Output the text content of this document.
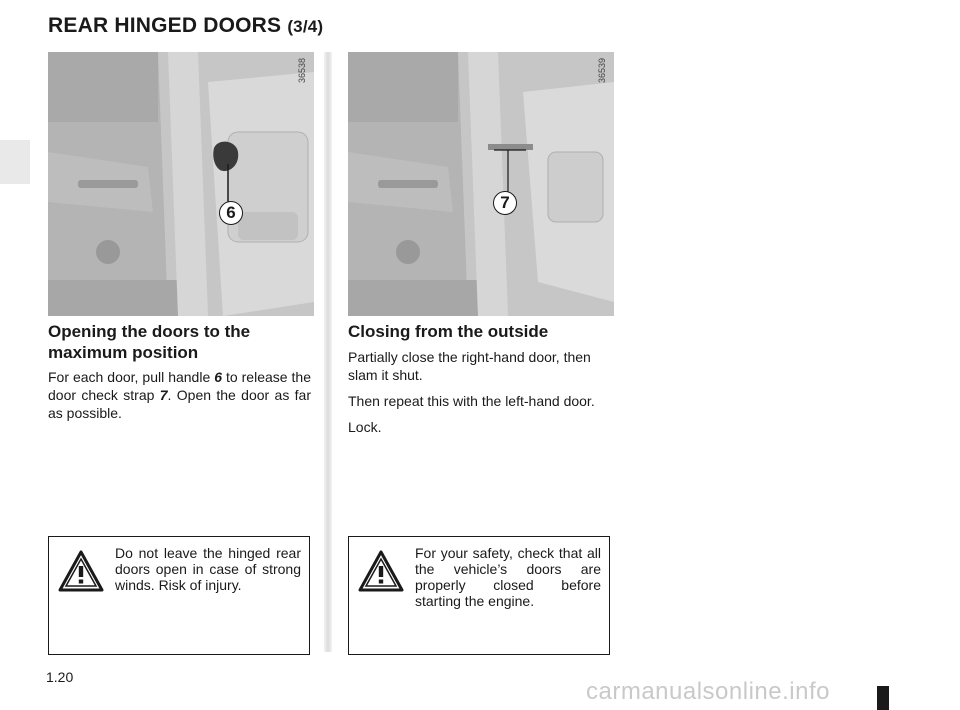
REAR HINGED DOORS (3/4)
36538
6
36539
7
Opening the doors to the maximum position
For each door, pull handle 6 to release the door check strap 7. Open the door as far as possible.
Closing from the outside

Partially close the right-hand door, then slam it shut.

Then repeat this with the left-hand door.

Lock.

Do not leave the hinged rear doors open in case of strong winds. Risk of injury.
For your safety, check that all the vehicle’s doors are properly closed before starting the engine.
1.20
carmanualsonline.info
